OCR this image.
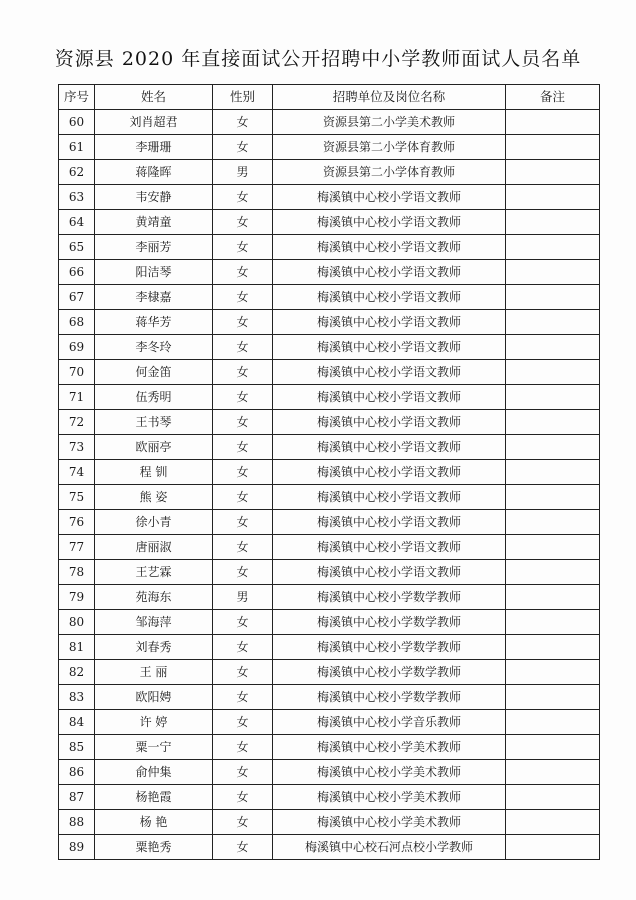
资源县 2020 年直接面试公开招聘中小学教师面试人员名单
序号	姓名	性别	招聘单位及岗位名称	备注
60	刘肖超君	女	资源县第二小学美术教师	
61	李珊珊	女	资源县第二小学体育教师	
62	蒋隆晖	男	资源县第二小学体育教师	
63	韦安静	女	梅溪镇中心校小学语文教师	
64	黄靖童	女	梅溪镇中心校小学语文教师	
65	李丽芳	女	梅溪镇中心校小学语文教师	
66	阳洁琴	女	梅溪镇中心校小学语文教师	
67	李棣嘉	女	梅溪镇中心校小学语文教师	
68	蒋华芳	女	梅溪镇中心校小学语文教师	
69	李冬玲	女	梅溪镇中心校小学语文教师	
70	何金笛	女	梅溪镇中心校小学语文教师	
71	伍秀明	女	梅溪镇中心校小学语文教师	
72	王书琴	女	梅溪镇中心校小学语文教师	
73	欧丽亭	女	梅溪镇中心校小学语文教师	
74	程 钏	女	梅溪镇中心校小学语文教师	
75	熊 姿	女	梅溪镇中心校小学语文教师	
76	徐小青	女	梅溪镇中心校小学语文教师	
77	唐丽淑	女	梅溪镇中心校小学语文教师	
78	王艺霖	女	梅溪镇中心校小学语文教师	
79	苑海东	男	梅溪镇中心校小学数学教师	
80	邹海萍	女	梅溪镇中心校小学数学教师	
81	刘春秀	女	梅溪镇中心校小学数学教师	
82	王 丽	女	梅溪镇中心校小学数学教师	
83	欧阳娉	女	梅溪镇中心校小学数学教师	
84	许 婷	女	梅溪镇中心校小学音乐教师	
85	粟一宁	女	梅溪镇中心校小学美术教师	
86	俞仲集	女	梅溪镇中心校小学美术教师	
87	杨艳霞	女	梅溪镇中心校小学美术教师	
88	杨 艳	女	梅溪镇中心校小学美术教师	
89	粟艳秀	女	梅溪镇中心校石河点校小学教师	
